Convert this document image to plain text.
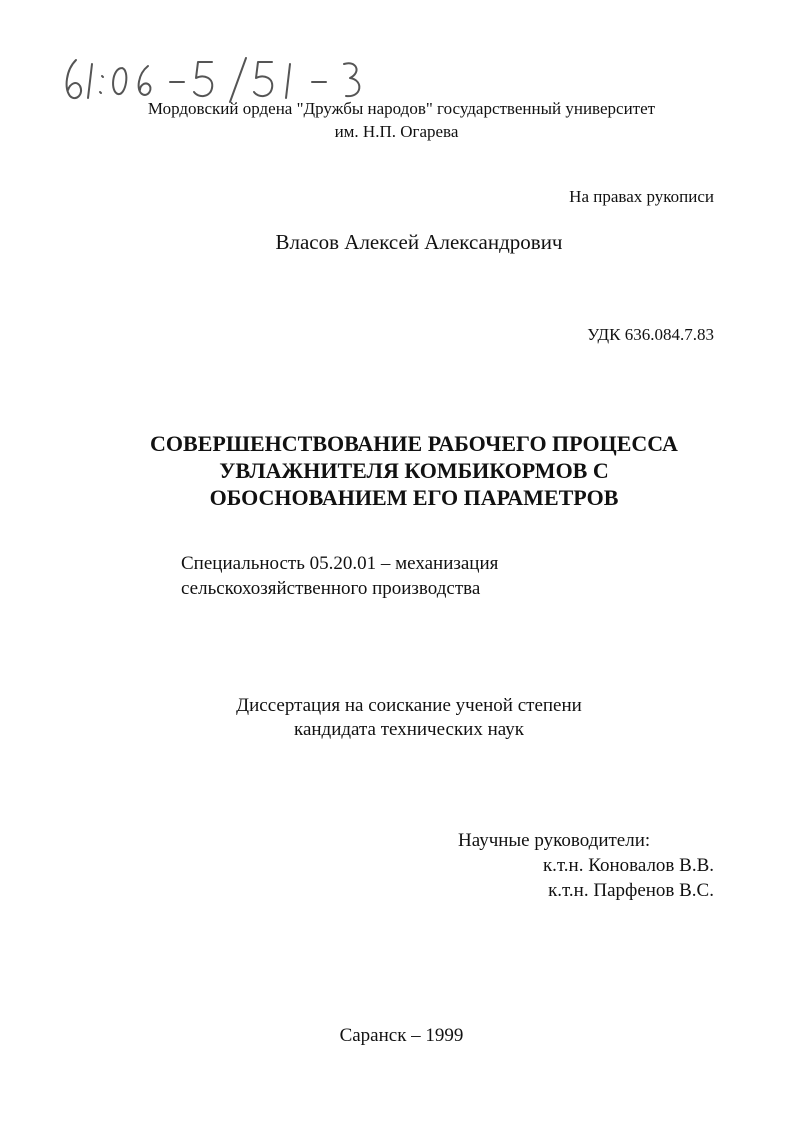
Мордовский ордена "Дружбы народов" государственный университет
им. Н.П. Огарева
На правах рукописи
Власов Алексей Александрович
УДК 636.084.7.83
СОВЕРШЕНСТВОВАНИЕ РАБОЧЕГО ПРОЦЕССА
УВЛАЖНИТЕЛЯ КОМБИКОРМОВ С
ОБОСНОВАНИЕМ ЕГО ПАРАМЕТРОВ
Специальность 05.20.01 – механизация
сельскохозяйственного производства
Диссертация на соискание ученой степени
кандидата технических наук
Научные руководители:
к.т.н. Коновалов В.В.
к.т.н. Парфенов В.С.
Саранск – 1999
